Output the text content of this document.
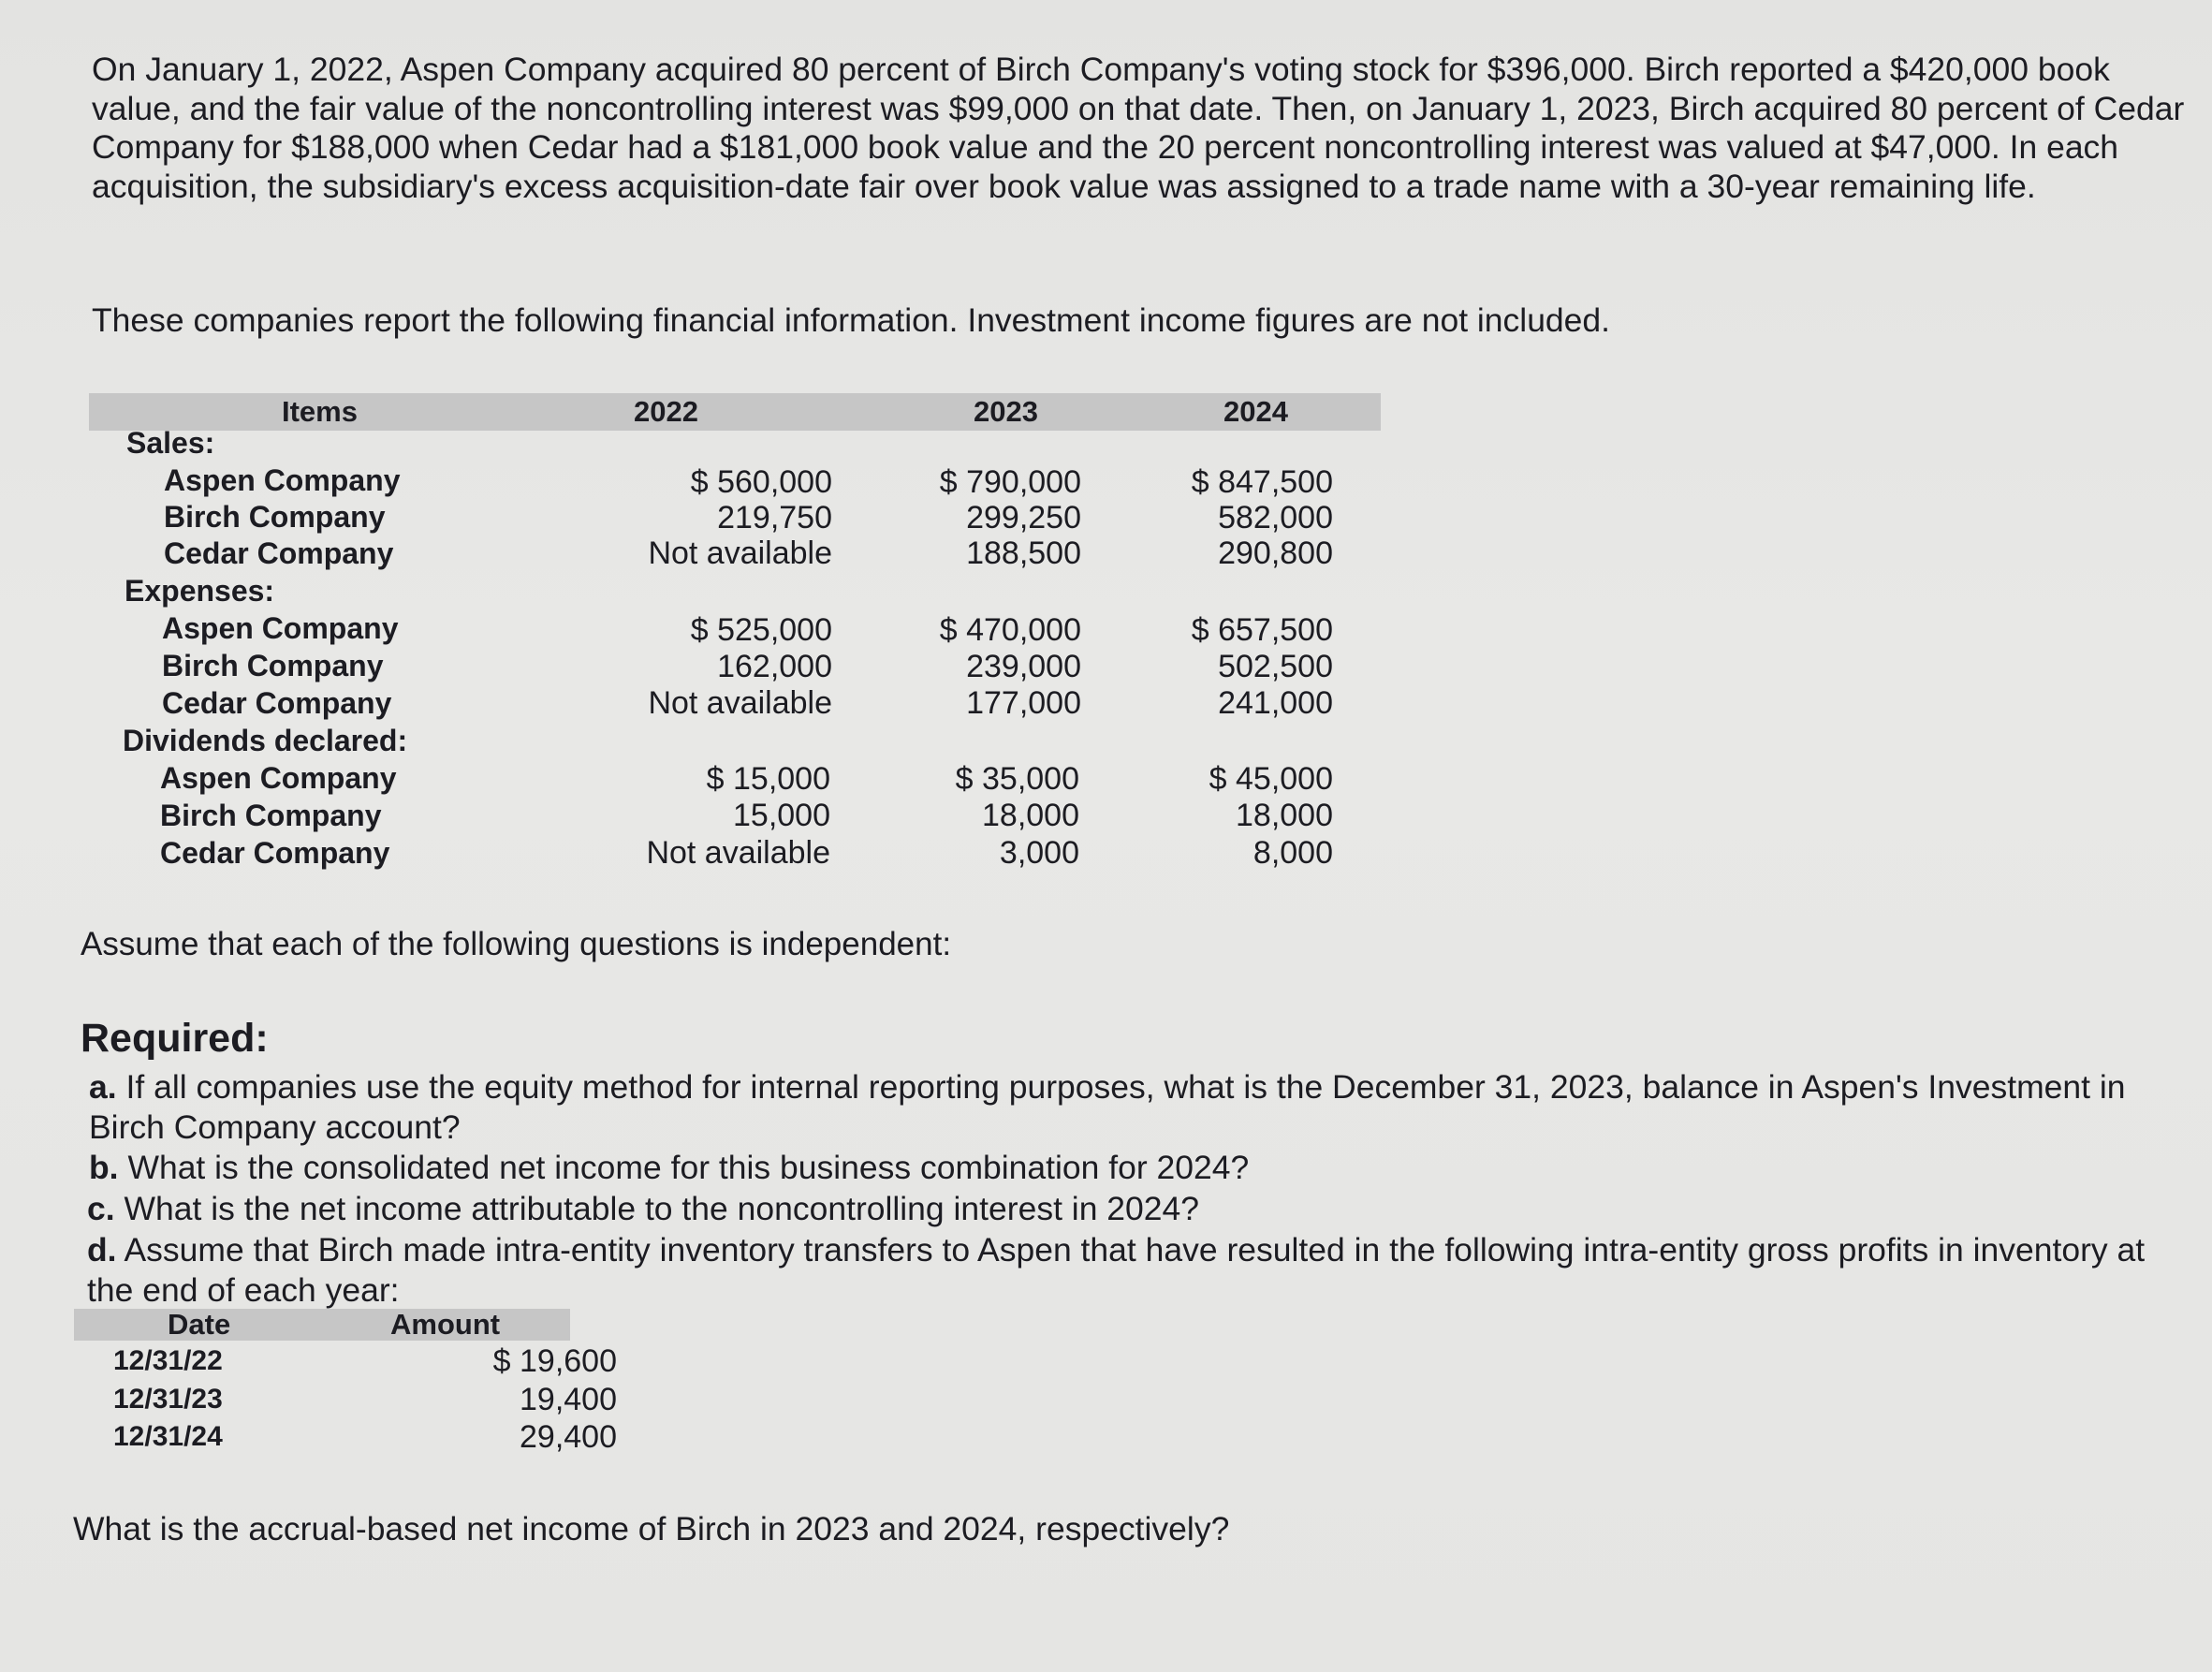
On January 1, 2022, Aspen Company acquired 80 percent of Birch Company's voting stock for $396,000. Birch reported a $420,000 book value, and the fair value of the noncontrolling interest was $99,000 on that date. Then, on January 1, 2023, Birch acquired 80 percent of Cedar Company for $188,000 when Cedar had a $181,000 book value and the 20 percent noncontrolling interest was valued at $47,000. In each acquisition, the subsidiary's excess acquisition-date fair over book value was assigned to a trade name with a 30-year remaining life.

These companies report the following financial information. Investment income figures are not included.

Items	2022	2023	2024
Sales:
Aspen Company	$ 560,000	$ 790,000	$ 847,500
Birch Company	219,750	299,250	582,000
Cedar Company	Not available	188,500	290,800
Expenses:
Aspen Company	$ 525,000	$ 470,000	$ 657,500
Birch Company	162,000	239,000	502,500
Cedar Company	Not available	177,000	241,000
Dividends declared:
Aspen Company	$ 15,000	$ 35,000	$ 45,000
Birch Company	15,000	18,000	18,000
Cedar Company	Not available	3,000	8,000
Assume that each of the following questions is independent:
Required:
a. If all companies use the equity method for internal reporting purposes, what is the December 31, 2023, balance in Aspen's Investment in Birch Company account?
b. What is the consolidated net income for this business combination for 2024?
c. What is the net income attributable to the noncontrolling interest in 2024?
d. Assume that Birch made intra-entity inventory transfers to Aspen that have resulted in the following intra-entity gross profits in inventory at the end of each year:
Date	Amount
12/31/22	$ 19,600
12/31/23	19,400
12/31/24	29,400
What is the accrual-based net income of Birch in 2023 and 2024, respectively?
